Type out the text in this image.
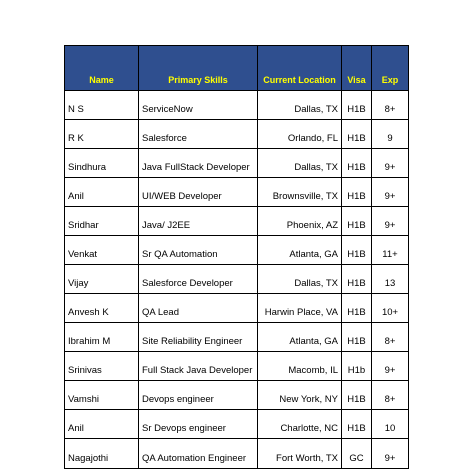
Name	Primary Skills	Current Location	Visa	Exp
N S	ServiceNow	Dallas, TX	H1B	8+
R K	Salesforce	Orlando, FL	H1B	9
Sindhura	Java FullStack Developer	Dallas, TX	H1B	9+
Anil	UI/WEB Developer	Brownsville, TX	H1B	9+
Sridhar	Java/ J2EE	Phoenix, AZ	H1B	9+
Venkat	Sr QA Automation	Atlanta, GA	H1B	11+
Vijay	Salesforce Developer	Dallas, TX	H1B	13
Anvesh K	QA Lead	Harwin Place, VA	H1B	10+
Ibrahim M	Site Reliability Engineer	Atlanta, GA	H1B	8+
Srinivas	Full Stack Java Developer	Macomb, IL	H1b	9+
Vamshi	Devops engineer	New York, NY	H1B	8+
Anil	Sr Devops engineer	Charlotte, NC	H1B	10
Nagajothi	QA Automation Engineer	Fort Worth, TX	GC	9+
